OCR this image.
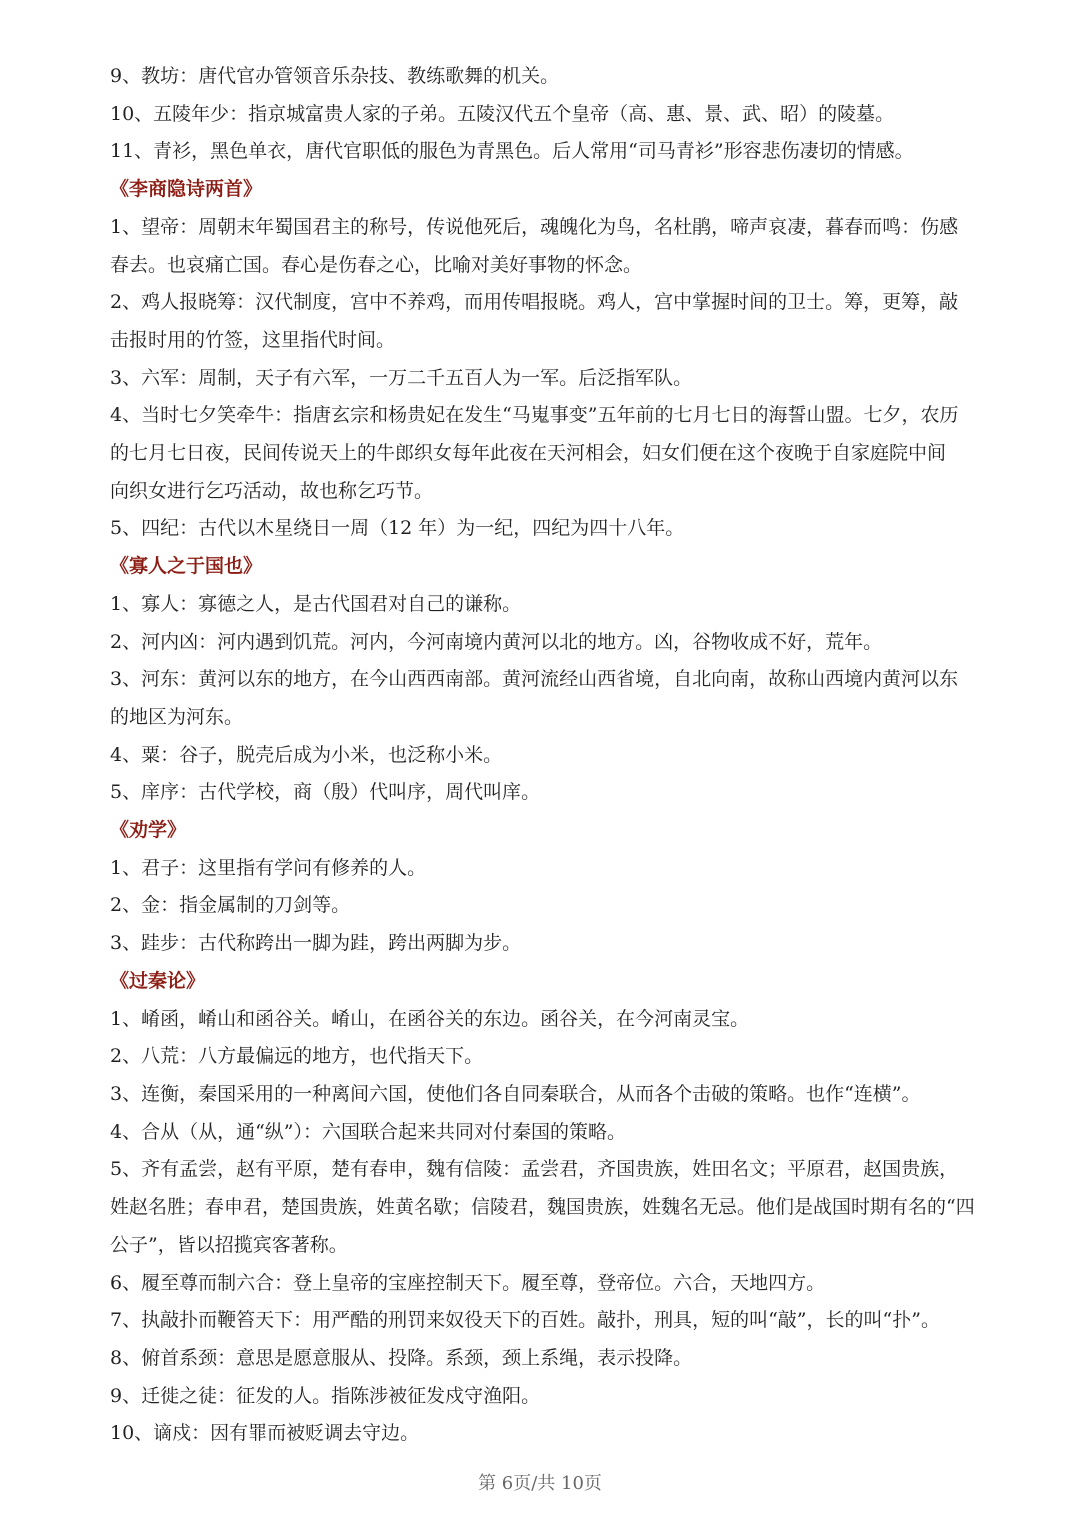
9、教坊：唐代官办管领音乐杂技、教练歌舞的机关。
10、五陵年少：指京城富贵人家的子弟。五陵汉代五个皇帝（高、惠、景、武、昭）的陵墓。
11、青衫，黑色单衣，唐代官职低的服色为青黑色。后人常用“司马青衫”形容悲伤凄切的情感。
《李商隐诗两首》
1、望帝：周朝末年蜀国君主的称号，传说他死后，魂魄化为鸟，名杜鹃，啼声哀凄，暮春而鸣：伤感
春去。也哀痛亡国。春心是伤春之心，比喻对美好事物的怀念。
2、鸡人报晓筹：汉代制度，宫中不养鸡，而用传唱报晓。鸡人，宫中掌握时间的卫士。筹，更筹，敲
击报时用的竹签，这里指代时间。
3、六军：周制，天子有六军，一万二千五百人为一军。后泛指军队。
4、当时七夕笑牵牛：指唐玄宗和杨贵妃在发生“马嵬事变”五年前的七月七日的海誓山盟。七夕，农历
的七月七日夜，民间传说天上的牛郎织女每年此夜在天河相会，妇女们便在这个夜晚于自家庭院中间
向织女进行乞巧活动，故也称乞巧节。
5、四纪：古代以木星绕日一周（12 年）为一纪，四纪为四十八年。
《寡人之于国也》
1、寡人：寡德之人，是古代国君对自己的谦称。
2、河内凶：河内遇到饥荒。河内，今河南境内黄河以北的地方。凶，谷物收成不好，荒年。
3、河东：黄河以东的地方，在今山西西南部。黄河流经山西省境，自北向南，故称山西境内黄河以东
的地区为河东。
4、粟：谷子，脱壳后成为小米，也泛称小米。
5、庠序：古代学校，商（殷）代叫序，周代叫庠。
《劝学》
1、君子：这里指有学问有修养的人。
2、金：指金属制的刀剑等。
3、跬步：古代称跨出一脚为跬，跨出两脚为步。
《过秦论》
1、崤函，崤山和函谷关。崤山，在函谷关的东边。函谷关，在今河南灵宝。
2、八荒：八方最偏远的地方，也代指天下。
3、连衡，秦国采用的一种离间六国，使他们各自同秦联合，从而各个击破的策略。也作“连横”。
4、合从（从，通“纵”）：六国联合起来共同对付秦国的策略。
5、齐有孟尝，赵有平原，楚有春申，魏有信陵：孟尝君，齐国贵族，姓田名文；平原君，赵国贵族，
姓赵名胜；春申君，楚国贵族，姓黄名歇；信陵君，魏国贵族，姓魏名无忌。他们是战国时期有名的“四
公子”，皆以招揽宾客著称。
6、履至尊而制六合：登上皇帝的宝座控制天下。履至尊，登帝位。六合，天地四方。
7、执敲扑而鞭笞天下：用严酷的刑罚来奴役天下的百姓。敲扑，刑具，短的叫“敲”，长的叫“扑”。
8、俯首系颈：意思是愿意服从、投降。系颈，颈上系绳，表示投降。
9、迁徙之徒：征发的人。指陈涉被征发戍守渔阳。
10、谪戍：因有罪而被贬调去守边。
第 6页/共 10页
